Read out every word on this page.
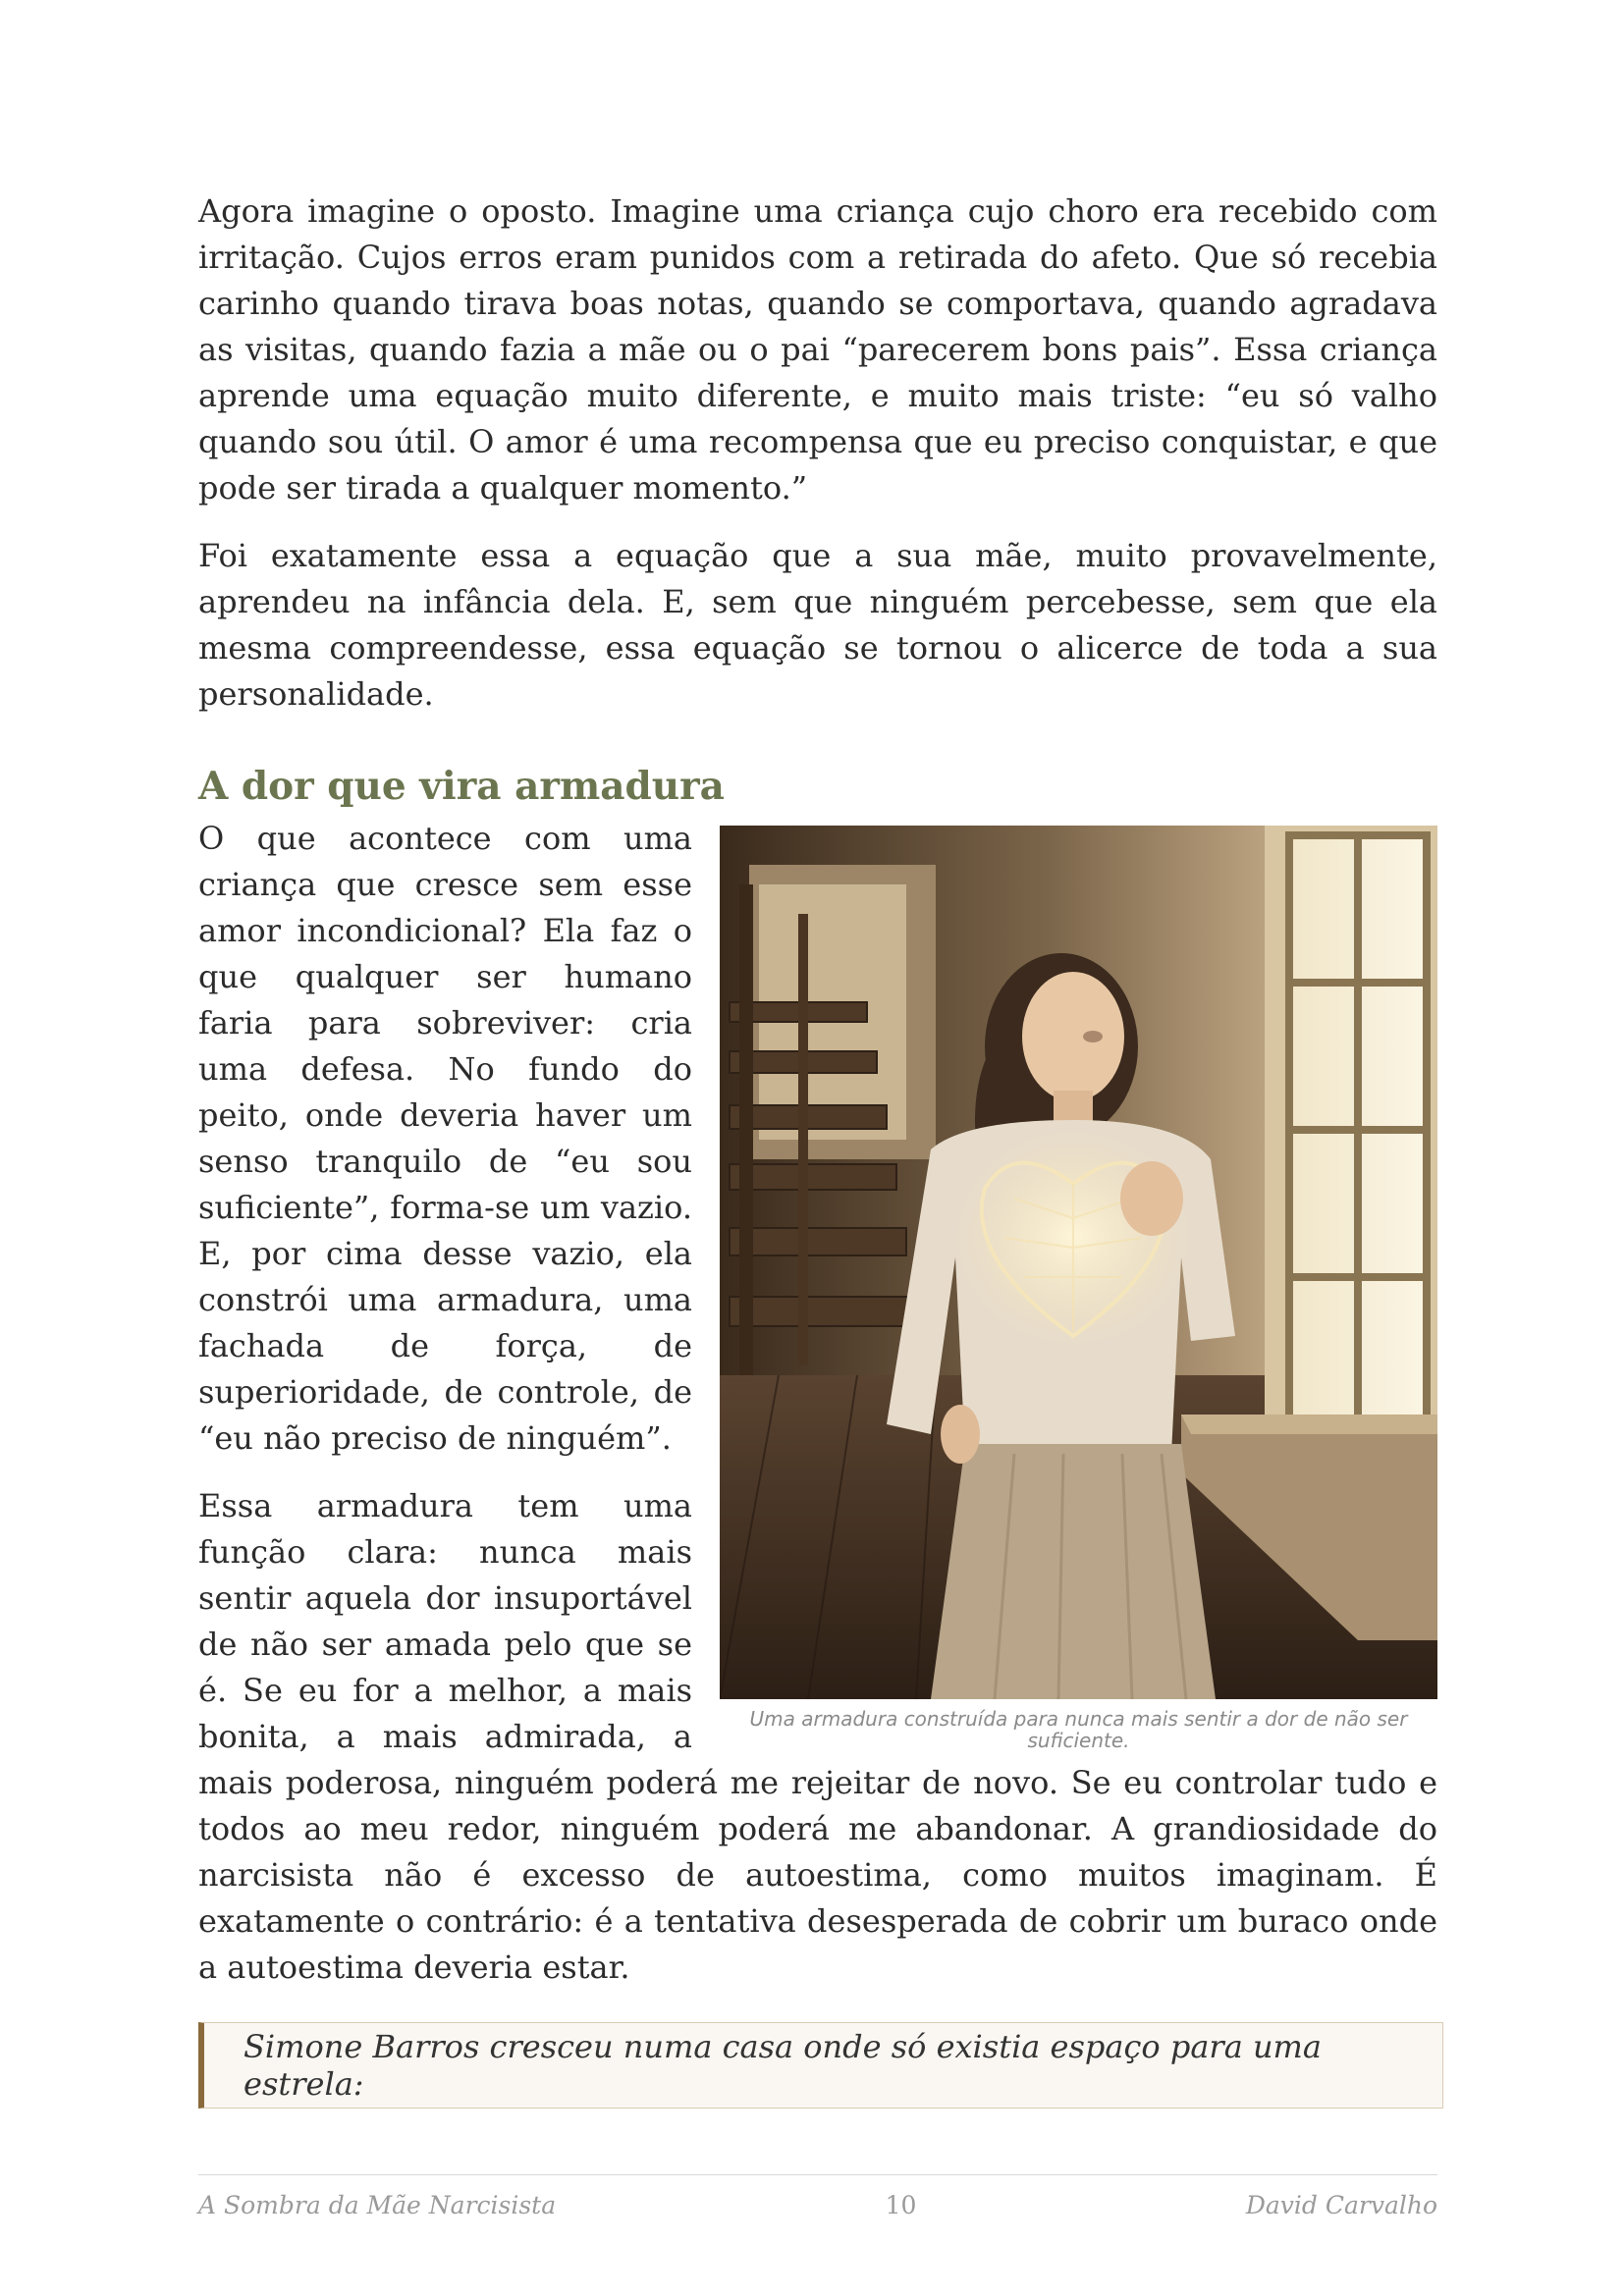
Agora imagine o oposto. Imagine uma criança cujo choro era recebido com irritação. Cujos erros eram punidos com a retirada do afeto. Que só recebia carinho quando tirava boas notas, quando se comportava, quando agradava as visitas, quando fazia a mãe ou o pai “parecerem bons pais”. Essa criança aprende uma equação muito diferente, e muito mais triste: “eu só valho quando sou útil. O amor é uma recompensa que eu preciso conquistar, e que pode ser tirada a qualquer momento.”

Foi exatamente essa a equação que a sua mãe, muito provavelmente, aprendeu na infância dela. E, sem que ninguém percebesse, sem que ela mesma compreendesse, essa equação se tornou o alicerce de toda a sua personalidade.

A dor que vira armadura
Uma armadura construída para nunca mais sentir a dor de não ser suficiente.

O que acontece com uma criança que cresce sem esse amor incondicional? Ela faz o que qualquer ser humano faria para sobreviver: cria uma defesa. No fundo do peito, onde deveria haver um senso tranquilo de “eu sou suficiente”, forma-se um vazio. E, por cima desse vazio, ela constrói uma armadura, uma fachada de força, de superioridade, de controle, de “eu não preciso de ninguém”.

Essa armadura tem uma função clara: nunca mais sentir aquela dor insuportável de não ser amada pelo que se é. Se eu for a melhor, a mais bonita, a mais admirada, a mais poderosa, ninguém poderá me rejeitar de novo. Se eu controlar tudo e todos ao meu redor, ninguém poderá me abandonar. A grandiosidade do narcisista não é excesso de autoestima, como muitos imaginam. É exatamente o contrário: é a tentativa desesperada de cobrir um buraco onde a autoestima deveria estar.

Simone Barros cresceu numa casa onde só existia espaço para uma estrela:
A Sombra da Mãe Narcisista	10	David Carvalho
